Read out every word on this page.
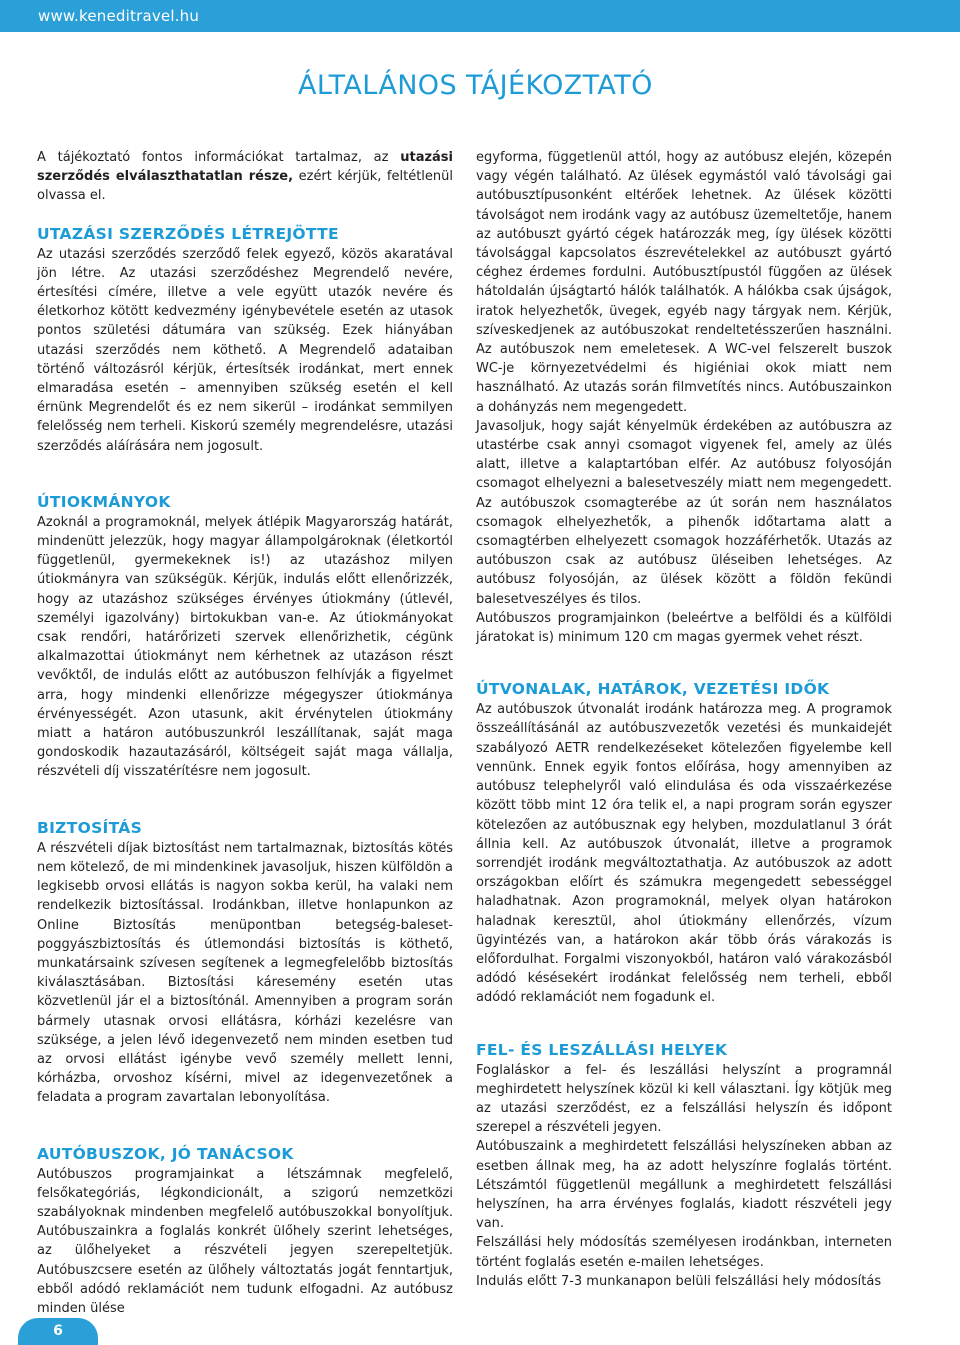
www.keneditravel.hu
ÁLTALÁNOS TÁJÉKOZTATÓ

A tájékoztató fontos információkat tartalmaz, az utazási szerződés elválaszthatatlan része, ezért kérjük, feltétlenül olvassa el.

UTAZÁSI SZERZŐDÉS LÉTREJÖTTE

Az utazási szerződés szerződő felek egyező, közös akaratával jön létre. Az utazási szerződéshez Megrendelő nevére, értesítési címére, illetve a vele együtt utazók nevére és életkorhoz kötött kedvezmény igénybevétele esetén az utasok pontos születési dátumára van szükség. Ezek hiányában utazási szerződés nem köthető. A Megrendelő adataiban történő változásról kérjük, értesítsék irodánkat, mert ennek elmaradása esetén – amennyiben szükség esetén el kell érnünk Megrendelőt és ez nem sikerül – irodánkat semmilyen felelősség nem terheli. Kiskorú személy megrendelésre, utazási szerződés aláírására nem jogosult.

ÚTIOKMÁNYOK

Azoknál a programoknál, melyek átlépik Magyarország határát, mindenütt jelezzük, hogy magyar állampolgároknak (életkortól függetlenül, gyermekeknek is!) az utazáshoz milyen útiokmányra van szükségük. Kérjük, indulás előtt ellenőrizzék, hogy az utazáshoz szükséges érvényes útiokmány (útlevél, személyi igazolvány) birtokukban van-e. Az útiokmányokat csak rendőri, határőrizeti szervek ellenőrizhetik, cégünk alkalmazottai útiokmányt nem kérhetnek az utazáson részt vevőktől, de indulás előtt az autóbuszon felhívják a figyelmet arra, hogy mindenki ellenőrizze mégegyszer útiokmánya érvényességét. Azon utasunk, akit érvénytelen útiokmány miatt a határon autóbuszunkról leszállítanak, saját maga gondoskodik hazautazásáról, költségeit saját maga vállalja, részvételi díj visszatérítésre nem jogosult.

BIZTOSÍTÁS

A részvételi díjak biztosítást nem tartalmaznak, biztosítás kötés nem kötelező, de mi mindenkinek javasoljuk, hiszen külföldön a legkisebb orvosi ellátás is nagyon sokba kerül, ha valaki nem rendelkezik biztosítással. Irodánkban, illetve honlapunkon az Online Biztosítás menüpontban betegség-baleset-poggyászbiztosítás és útlemondási biztosítás is köthető, munkatársaink szívesen segítenek a legmegfelelőbb biztosítás kiválasztásában. Biztosítási káresemény esetén utas közvetlenül jár el a biztosítónál. Amennyiben a program során bármely utasnak orvosi ellátásra, kórházi kezelésre van szüksége, a jelen lévő idegenvezető nem minden esetben tud az orvosi ellátást igénybe vevő személy mellett lenni, kórházba, orvoshoz kísérni, mivel az idegenvezetőnek a feladata a program zavartalan lebonyolítása.

AUTÓBUSZOK, JÓ TANÁCSOK

Autóbuszos programjainkat a létszámnak megfelelő, felsőkategóriás, légkondicionált, a szigorú nemzetközi szabályoknak mindenben megfelelő autóbuszokkal bonyolítjuk. Autóbuszainkra a foglalás konkrét ülőhely szerint lehetséges, az ülőhelyeket a részvételi jegyen szerepeltetjük. Autóbuszcsere esetén az ülőhely változtatás jogát fenntartjuk, ebből adódó reklamációt nem tudunk elfogadni. Az autóbusz minden ülése

egyforma, függetlenül attól, hogy az autóbusz elején, közepén vagy végén található. Az ülések egymástól való távolsági gai autóbusztípusonként eltérőek lehetnek. Az ülések közötti távolságot nem irodánk vagy az autóbusz üzemeltetője, hanem az autóbuszt gyártó cégek határozzák meg, így ülések közötti távolsággal kapcsolatos észrevételekkel az autóbuszt gyártó céghez érdemes fordulni. Autóbusztípustól függően az ülések hátoldalán újságtartó hálók találhatók. A hálókba csak újságok, iratok helyezhetők, üvegek, egyéb nagy tárgyak nem. Kérjük, szíveskedjenek az autóbuszokat rendeltetésszerűen használni. Az autóbuszok nem emeletesek. A WC-vel felszerelt buszok WC-je környezetvédelmi és higiéniai okok miatt nem használható. Az utazás során filmvetítés nincs. Autóbuszainkon a dohányzás nem megengedett.

Javasoljuk, hogy saját kényelmük érdekében az autóbuszra az utastérbe csak annyi csomagot vigyenek fel, amely az ülés alatt, illetve a kalaptartóban elfér. Az autóbusz folyosóján csomagot elhelyezni a balesetveszély miatt nem megengedett. Az autóbuszok csomagterébe az út során nem használatos csomagok elhelyezhetők, a pihenők időtartama alatt a csomagtérben elhelyezett csomagok hozzáférhetők. Utazás az autóbuszon csak az autóbusz üléseiben lehetséges. Az autóbusz folyosóján, az ülések között a földön fekündi balesetveszélyes és tilos.

Autóbuszos programjainkon (beleértve a belföldi és a külföldi járatokat is) minimum 120 cm magas gyermek vehet részt.

ÚTVONALAK, HATÁROK, VEZETÉSI IDŐK

Az autóbuszok útvonalát irodánk határozza meg. A programok összeállításánál az autóbuszvezetők vezetési és munkaidejét szabályozó AETR rendelkezéseket kötelezően figyelembe kell vennünk. Ennek egyik fontos előírása, hogy amennyiben az autóbusz telephelyről való elindulása és oda visszaérkezése között több mint 12 óra telik el, a napi program során egyszer kötelezően az autóbusznak egy helyben, mozdulatlanul 3 órát állnia kell. Az autóbuszok útvonalát, illetve a programok sorrendjét irodánk megváltoztathatja. Az autóbuszok az adott országokban előírt és számukra megengedett sebességgel haladhatnak. Azon programoknál, melyek olyan határokon haladnak keresztül, ahol útiokmány ellenőrzés, vízum ügyintézés van, a határokon akár több órás várakozás is előfordulhat. Forgalmi viszonyokból, határon való várakozásból adódó késésekért irodánkat felelősség nem terheli, ebből adódó reklamációt nem fogadunk el.

FEL- ÉS LESZÁLLÁSI HELYEK

Foglaláskor a fel- és leszállási helyszínt a programnál meghirdetett helyszínek közül ki kell választani. Így kötjük meg az utazási szerződést, ez a felszállási helyszín és időpont szerepel a részvételi jegyen.

Autóbuszaink a meghirdetett felszállási helyszíneken abban az esetben állnak meg, ha az adott helyszínre foglalás történt. Létszámtól függetlenül megállunk a meghirdetett felszállási helyszínen, ha arra érvényes foglalás, kiadott részvételi jegy van.

Felszállási hely módosítás személyesen irodánkban, interneten történt foglalás esetén e-mailen lehetséges.

Indulás előtt 7-3 munkanapon belüli felszállási hely módosítás

6
